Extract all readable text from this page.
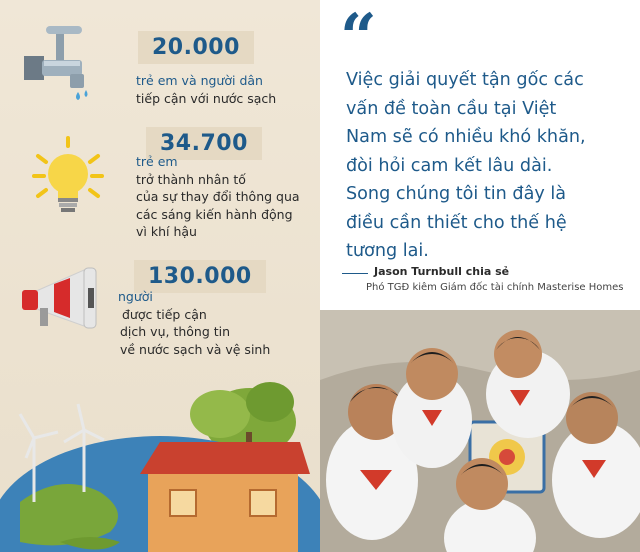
20.000
trẻ em và người dân
tiếp cận với nước sạch
34.700
trẻ em
trở thành nhân tố
của sự thay đổi thông qua
các sáng kiến hành động
vì khí hậu
130.000
người
được tiếp cận
dịch vụ, thông tin
về nước sạch và vệ sinh
“
Việc giải quyết tận gốc các
vấn đề toàn cầu tại Việt
Nam sẽ có nhiều khó khăn,
đòi hỏi cam kết lâu dài.
Song chúng tôi tin đây là
điều cần thiết cho thế hệ
tương lai.
Jason Turnbull chia sẻ
Phó TGĐ kiêm Giám đốc tài chính Masterise Homes
